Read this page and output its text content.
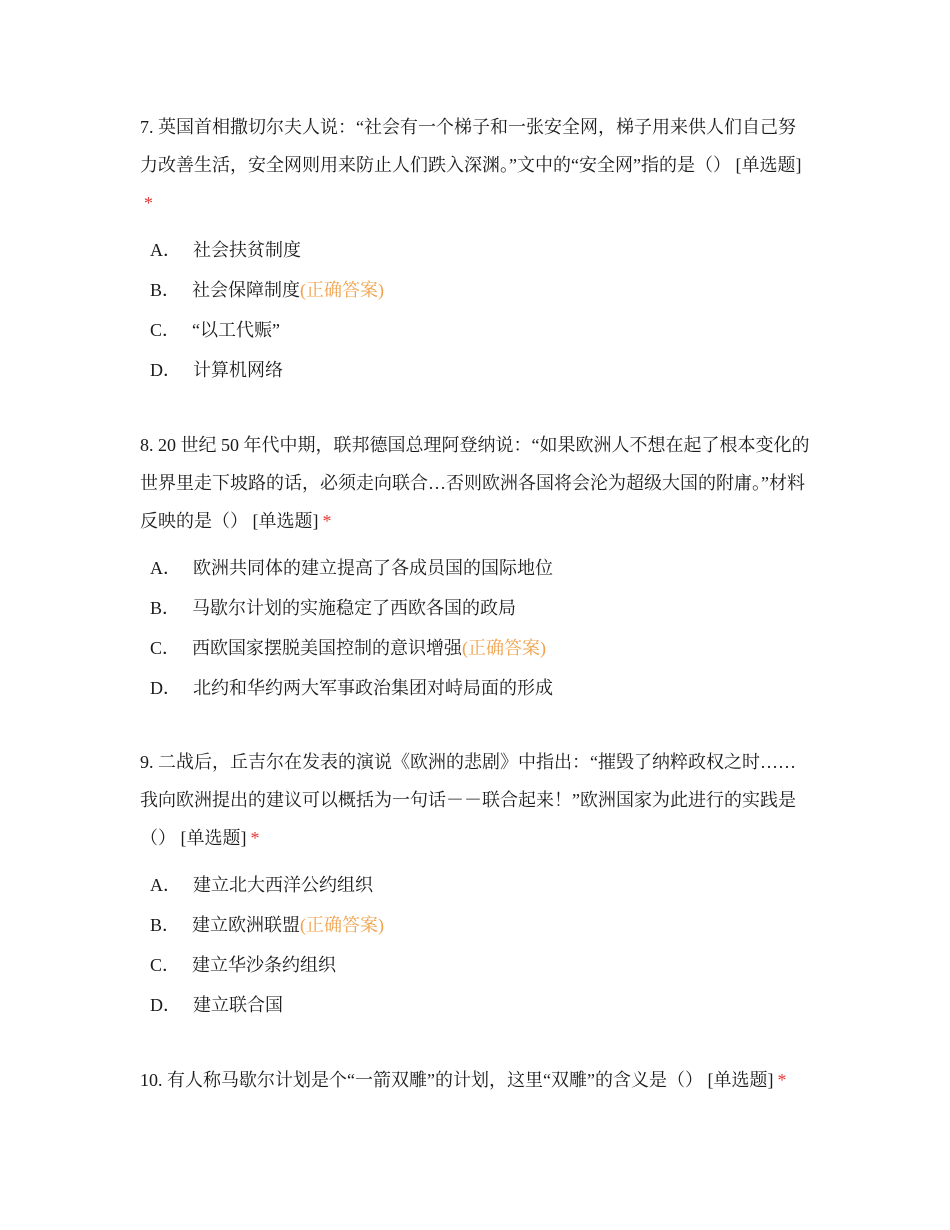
7. 英国首相撒切尔夫人说：“社会有一个梯子和一张安全网，梯子用来供人们自己努力改善生活，安全网则用来防止人们跌入深渊。”文中的“安全网”指的是（） [单选题]*

A． 社会扶贫制度
B． 社会保障制度(正确答案)
C． “以工代赈”
D． 计算机网络

8. 20 世纪 50 年代中期，联邦德国总理阿登纳说：“如果欧洲人不想在起了根本变化的世界里走下坡路的话，必须走向联合…否则欧洲各国将会沦为超级大国的附庸。”材料反映的是（） [单选题] *

A． 欧洲共同体的建立提高了各成员国的国际地位
B． 马歇尔计划的实施稳定了西欧各国的政局
C． 西欧国家摆脱美国控制的意识增强(正确答案)
D． 北约和华约两大军事政治集团对峙局面的形成

9. 二战后，丘吉尔在发表的演说《欧洲的悲剧》中指出：“摧毁了纳粹政权之时……我向欧洲提出的建议可以概括为一句话－－联合起来！”欧洲国家为此进行的实践是（） [单选题] *

A． 建立北大西洋公约组织
B． 建立欧洲联盟(正确答案)
C． 建立华沙条约组织
D． 建立联合国

10. 有人称马歇尔计划是个“一箭双雕”的计划，这里“双雕”的含义是（） [单选题] *
